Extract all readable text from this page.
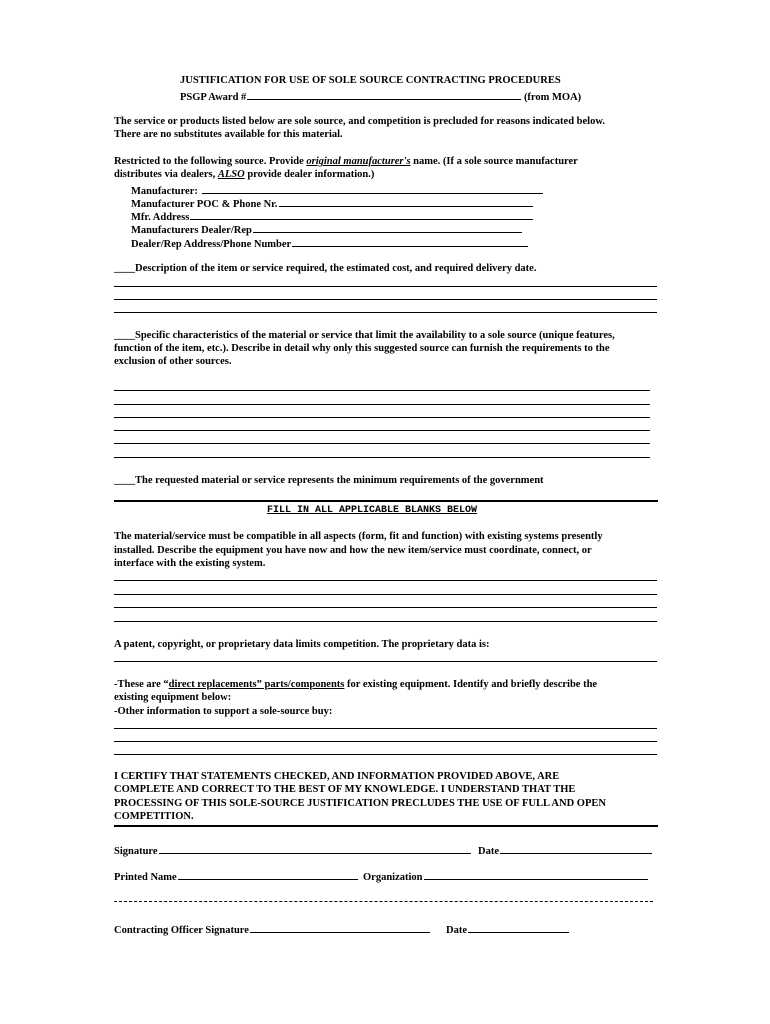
JUSTIFICATION FOR USE OF SOLE SOURCE CONTRACTING PROCEDURES
PSGP Award #	(from MOA)
The service or products listed below are sole source, and competition is precluded for reasons indicated below.
There are no substitutes available for this material.
Restricted to the following source. Provide original manufacturer's name. (If a sole source manufacturer
distributes via dealers, ALSO provide dealer information.)
Manufacturer:
Manufacturer POC & Phone Nr.
Mfr. Address
Manufacturers Dealer/Rep
Dealer/Rep Address/Phone Number
____Description of the item or service required, the estimated cost, and required delivery date.
____Specific characteristics of the material or service that limit the availability to a sole source (unique features,
function of the item, etc.). Describe in detail why only this suggested source can furnish the requirements to the
exclusion of other sources.
____The requested material or service represents the minimum requirements of the government
FILL IN ALL APPLICABLE BLANKS BELOW
The material/service must be compatible in all aspects (form, fit and function) with existing systems presently
installed. Describe the equipment you have now and how the new item/service must coordinate, connect, or
interface with the existing system.
A patent, copyright, or proprietary data limits competition. The proprietary data is:
-These are “direct replacements” parts/components for existing equipment. Identify and briefly describe the
existing equipment below:
-Other information to support a sole-source buy:
I CERTIFY THAT STATEMENTS CHECKED, AND INFORMATION PROVIDED ABOVE, ARE
COMPLETE AND CORRECT TO THE BEST OF MY KNOWLEDGE. I UNDERSTAND THAT THE
PROCESSING OF THIS SOLE-SOURCE JUSTIFICATION PRECLUDES THE USE OF FULL AND OPEN
COMPETITION.
Signature	Date
Printed Name	Organization
Contracting Officer Signature	Date
